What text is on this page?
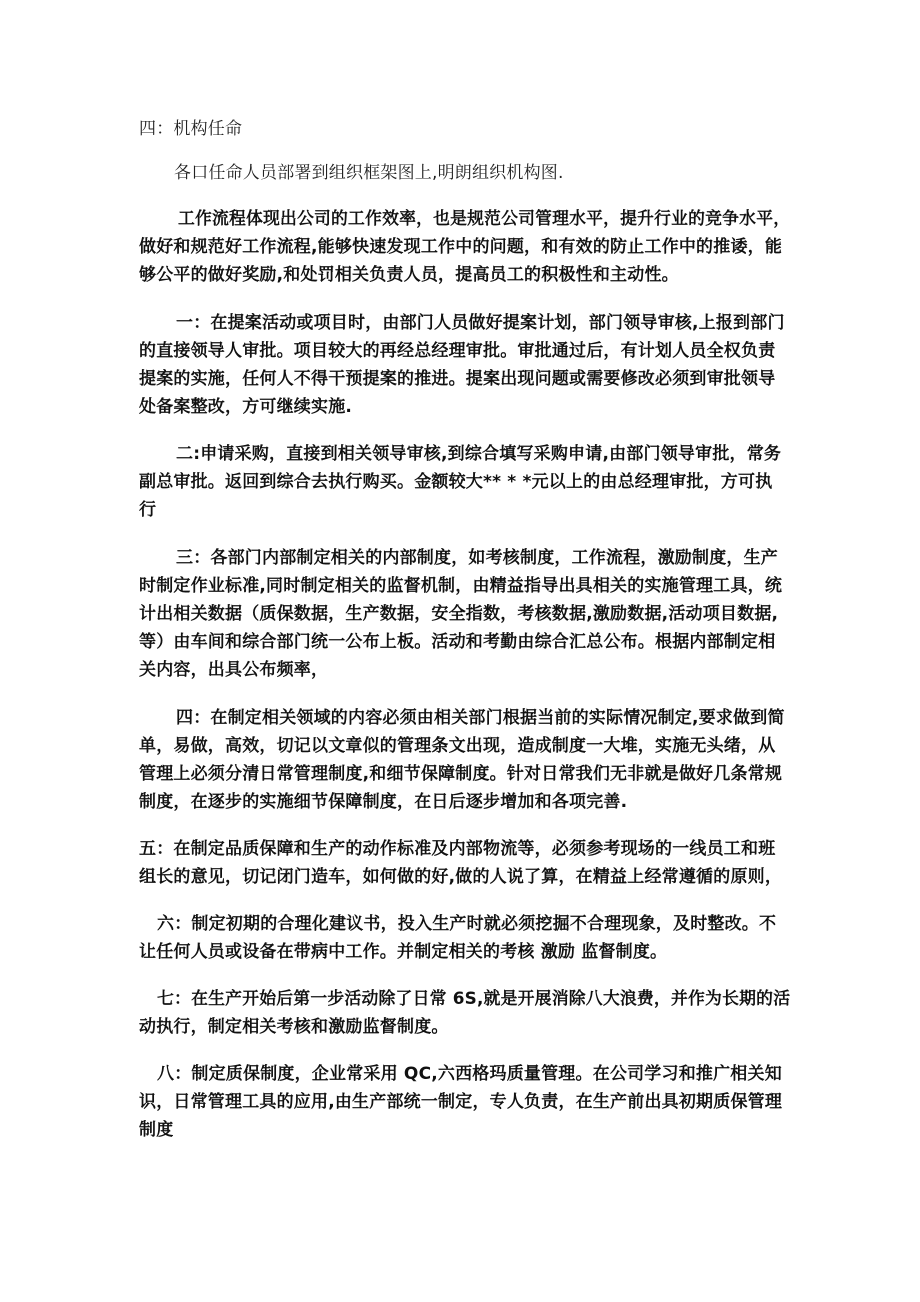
四：机构任命
各口任命人员部署到组织框架图上,明朗组织机构图.
工作流程体现出公司的工作效率，也是规范公司管理水平，提升行业的竞争水平，
做好和规范好工作流程,能够快速发现工作中的问题，和有效的防止工作中的推诿，能
够公平的做好奖励,和处罚相关负责人员，提高员工的积极性和主动性。
一：在提案活动或项目时，由部门人员做好提案计划，部门领导审核,上报到部门
的直接领导人审批。项目较大的再经总经理审批。审批通过后，有计划人员全权负责
提案的实施，任何人不得干预提案的推进。提案出现问题或需要修改必须到审批领导
处备案整改，方可继续实施.
二:申请采购，直接到相关领导审核,到综合填写采购申请,由部门领导审批，常务
副总审批。返回到综合去执行购买。金额较大** * *元以上的由总经理审批，方可执
行
三：各部门内部制定相关的内部制度，如考核制度，工作流程，激励制度，生产
时制定作业标准,同时制定相关的监督机制，由精益指导出具相关的实施管理工具，统
计出相关数据（质保数据，生产数据，安全指数，考核数据,激励数据,活动项目数据,
等）由车间和综合部门统一公布上板。活动和考勤由综合汇总公布。根据内部制定相
关内容，出具公布频率，
四：在制定相关领域的内容必须由相关部门根据当前的实际情况制定,要求做到简
单，易做，高效，切记以文章似的管理条文出现，造成制度一大堆，实施无头绪，从
管理上必须分清日常管理制度,和细节保障制度。针对日常我们无非就是做好几条常规
制度，在逐步的实施细节保障制度，在日后逐步增加和各项完善.
五：在制定品质保障和生产的动作标准及内部物流等，必须参考现场的一线员工和班
组长的意见，切记闭门造车，如何做的好,做的人说了算，在精益上经常遵循的原则，
六：制定初期的合理化建议书，投入生产时就必须挖掘不合理现象，及时整改。不
让任何人员或设备在带病中工作。并制定相关的考核 激励 监督制度。
七：在生产开始后第一步活动除了日常 6S,就是开展消除八大浪费，并作为长期的活
动执行，制定相关考核和激励监督制度。
八：制定质保制度，企业常采用 QC,六西格玛质量管理。在公司学习和推广相关知
识，日常管理工具的应用,由生产部统一制定，专人负责，在生产前出具初期质保管理
制度
